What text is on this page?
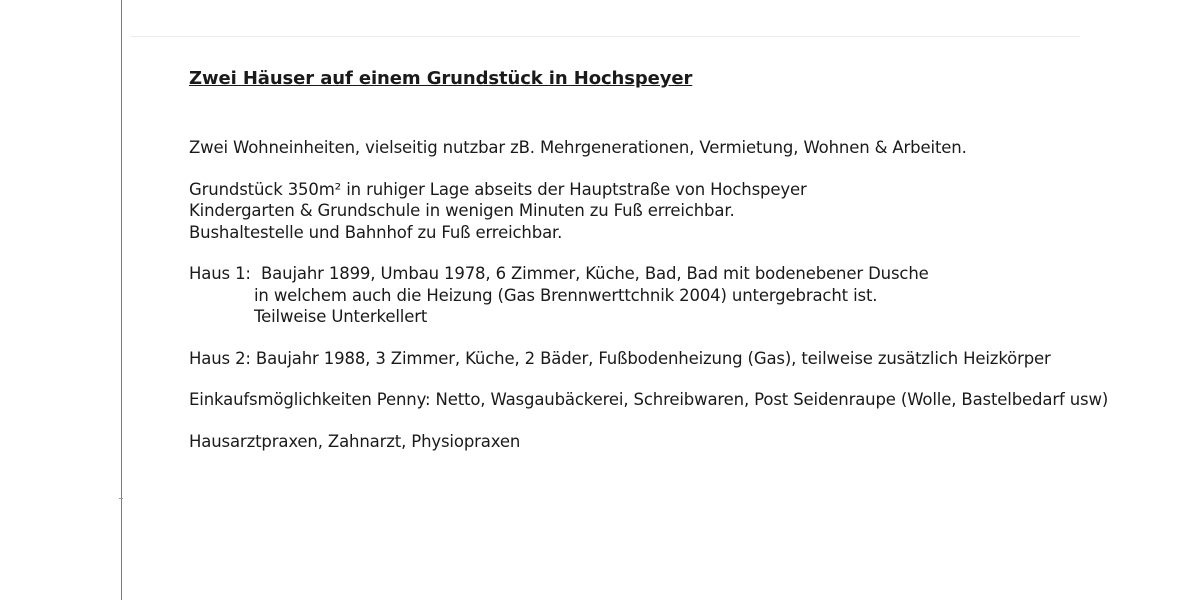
Zwei Häuser auf einem Grundstück in Hochspeyer

Zwei Wohneinheiten, vielseitig nutzbar zB. Mehrgenerationen, Vermietung, Wohnen & Arbeiten.

Grundstück 350m² in ruhiger Lage abseits der Hauptstraße von Hochspeyer

Kindergarten & Grundschule in wenigen Minuten zu Fuß erreichbar.

Bushaltestelle und Bahnhof zu Fuß erreichbar.

Haus 1:  Baujahr 1899, Umbau 1978, 6 Zimmer, Küche, Bad, Bad mit bodenebener Dusche

in welchem auch die Heizung (Gas Brennwerttchnik 2004) untergebracht ist.

Teilweise Unterkellert

Haus 2: Baujahr 1988, 3 Zimmer, Küche, 2 Bäder, Fußbodenheizung (Gas), teilweise zusätzlich Heizkörper

Einkaufsmöglichkeiten Penny: Netto, Wasgaubäckerei, Schreibwaren, Post Seidenraupe (Wolle, Bastelbedarf usw)

Hausarztpraxen, Zahnarzt, Physiopraxen
